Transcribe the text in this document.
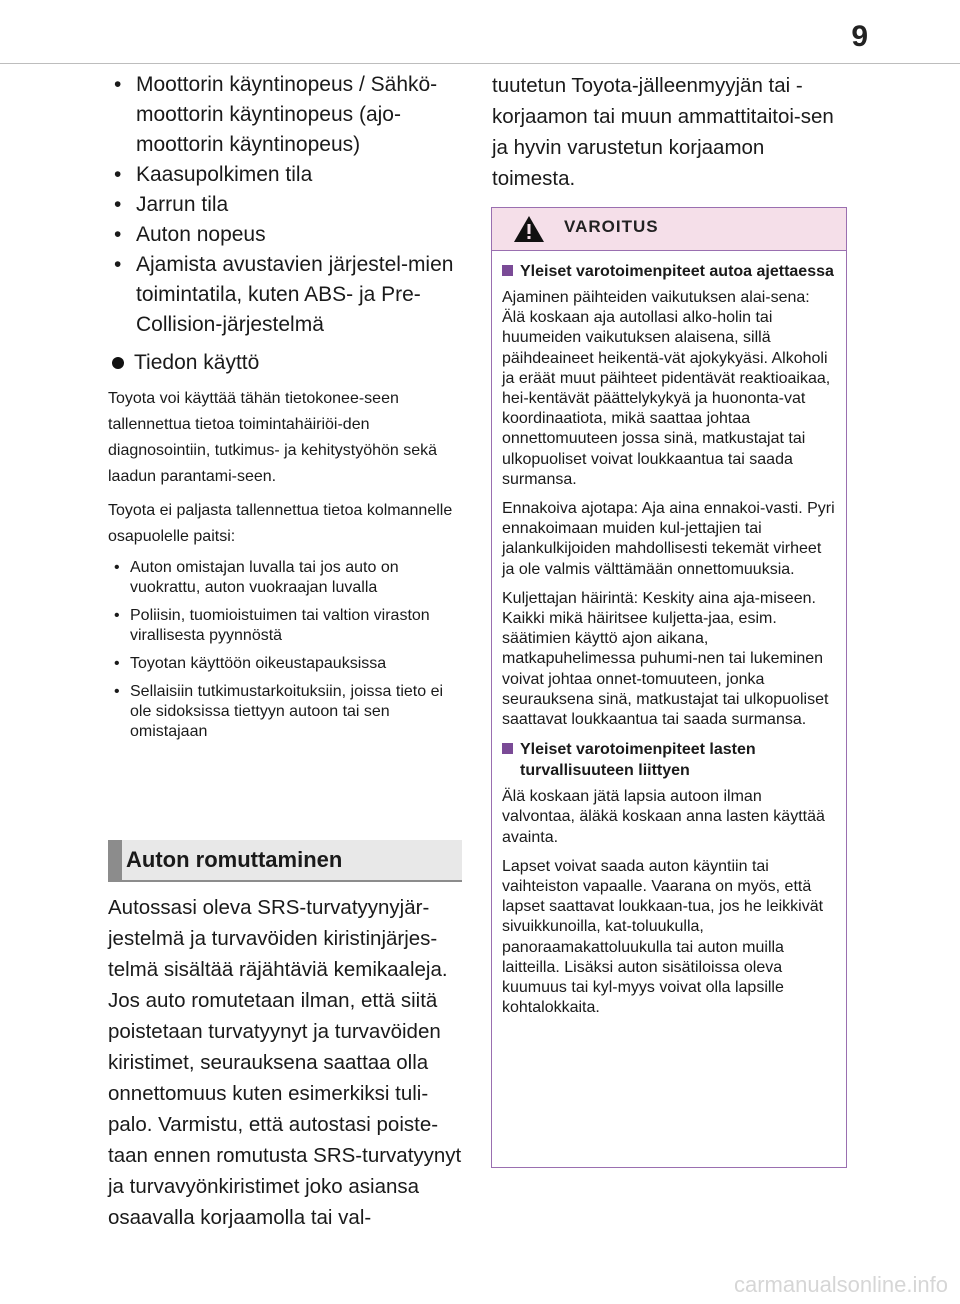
9
• Moottorin käyntinopeus / Sähkö-moottorin käyntinopeus (ajo-moottorin käyntinopeus)
• Kaasupolkimen tila
• Jarrun tila
• Auton nopeus
• Ajamista avustavien järjestel-mien toimintatila, kuten ABS- ja Pre-Collision-järjestelmä
Tiedon käyttö

Toyota voi käyttää tähän tietokonee-seen tallennettua tietoa toimintahäiriöi-den diagnosointiin, tutkimus- ja kehitystyöhön sekä laadun parantami-seen.

Toyota ei paljasta tallennettua tietoa kolmannelle osapuolelle paitsi:

• Auton omistajan luvalla tai jos auto on vuokrattu, auton vuokraajan luvalla
• Poliisin, tuomioistuimen tai valtion viraston virallisesta pyynnöstä
• Toyotan käyttöön oikeustapauksissa
• Sellaisiin tutkimustarkoituksiin, joissa tieto ei ole sidoksissa tiettyyn autoon tai sen omistajaan
Auton romuttaminen

Autossasi oleva SRS-turvatyynyjär-jestelmä ja turvavöiden kiristinjärjes-telmä sisältää räjähtäviä kemikaaleja. Jos auto romutetaan ilman, että siitä poistetaan turvatyynyt ja turvavöiden kiristimet, seurauksena saattaa olla onnettomuus kuten esimerkiksi tuli-palo. Varmistu, että autostasi poiste-taan ennen romutusta SRS-turvatyynyt ja turvavyönkiristimet joko asiansa osaavalla korjaamolla tai val-

tuutetun Toyota-jälleenmyyjän tai -korjaamon tai muun ammattitaitoi-sen ja hyvin varustetun korjaamon toimesta.

VAROITUS
Yleiset varotoimenpiteet autoa ajettaessa

Ajaminen päihteiden vaikutuksen alai-sena: Älä koskaan aja autollasi alko-holin tai huumeiden vaikutuksen alaisena, sillä päihdeaineet heikentä-vät ajokykyäsi. Alkoholi ja eräät muut päihteet pidentävät reaktioaikaa, hei-kentävät päättelykykyä ja huononta-vat koordinaatiota, mikä saattaa johtaa onnettomuuteen jossa sinä, matkustajat tai ulkopuoliset voivat loukkaantua tai saada surmansa.

Ennakoiva ajotapa: Aja aina ennakoi-vasti. Pyri ennakoimaan muiden kul-jettajien tai jalankulkijoiden mahdollisesti tekemät virheet ja ole valmis välttämään onnettomuuksia.

Kuljettajan häirintä: Keskity aina aja-miseen. Kaikki mikä häiritsee kuljetta-jaa, esim. säätimien käyttö ajon aikana, matkapuhelimessa puhumi-nen tai lukeminen voivat johtaa onnet-tomuuteen, jonka seurauksena sinä, matkustajat tai ulkopuoliset saattavat loukkaantua tai saada surmansa.

Yleiset varotoimenpiteet lasten turvallisuuteen liittyen

Älä koskaan jätä lapsia autoon ilman valvontaa, äläkä koskaan anna lasten käyttää avainta.

Lapset voivat saada auton käyntiin tai vaihteiston vapaalle. Vaarana on myös, että lapset saattavat loukkaan-tua, jos he leikkivät sivuikkunoilla, kat-toluukulla, panoraamakattoluukulla tai auton muilla laitteilla. Lisäksi auton sisätiloissa oleva kuumuus tai kyl-myys voivat olla lapsille kohtalokkaita.

carmanualsonline.info
